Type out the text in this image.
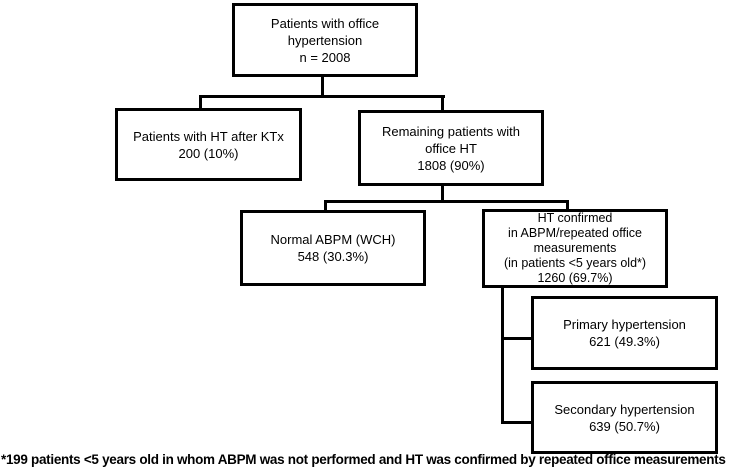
Patients with office
hypertension
n = 2008
Patients with HT after KTx
200 (10%)
Remaining patients with
office HT
1808 (90%)
Normal ABPM (WCH)
548 (30.3%)
HT confirmed
in ABPM/repeated office
measurements
(in patients <5 years old*)
1260 (69.7%)
Primary hypertension
621 (49.3%)
Secondary hypertension
639 (50.7%)
*199 patients <5 years old in whom ABPM was not performed and HT was confirmed by repeated office measurements
